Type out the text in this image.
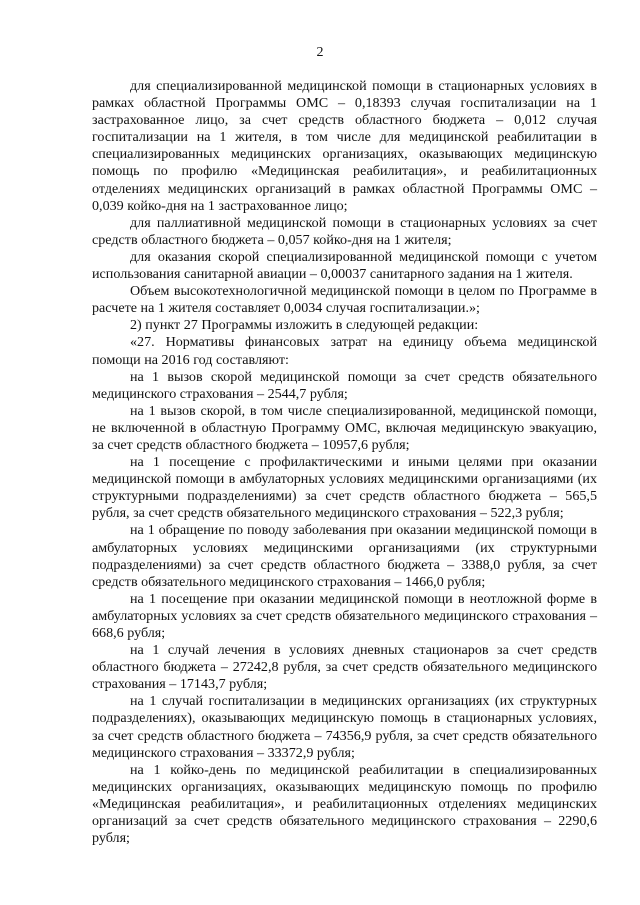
2

для специализированной медицинской помощи в стационарных условиях в рамках областной Программы ОМС – 0,18393 случая госпитализации на 1 застрахованное лицо, за счет средств областного бюджета – 0,012 случая госпитализации на 1 жителя, в том числе для медицинской реабилитации в специализированных медицинских организациях, оказывающих медицинскую помощь по профилю «Медицинская реабилитация», и реабилитационных отделениях медицинских организаций в рамках областной Программы ОМС – 0,039 койко-дня на 1 застрахованное лицо;

для паллиативной медицинской помощи в стационарных условиях за счет средств областного бюджета – 0,057 койко-дня на 1 жителя;

для оказания скорой специализированной медицинской помощи с учетом использования санитарной авиации – 0,00037 санитарного задания на 1 жителя.

Объем высокотехнологичной медицинской помощи в целом по Программе в расчете на 1 жителя составляет 0,0034 случая госпитализации.»;

2) пункт 27 Программы изложить в следующей редакции:

«27. Нормативы финансовых затрат на единицу объема медицинской помощи на 2016 год составляют:

на 1 вызов скорой медицинской помощи за счет средств обязательного медицинского страхования – 2544,7 рубля;

на 1 вызов скорой, в том числе специализированной, медицинской помощи, не включенной в областную Программу ОМС, включая медицинскую эвакуацию, за счет средств областного бюджета – 10957,6 рубля;

на 1 посещение с профилактическими и иными целями при оказании медицинской помощи в амбулаторных условиях медицинскими организациями (их структурными подразделениями) за счет средств областного бюджета – 565,5 рубля, за счет средств обязательного медицинского страхования – 522,3 рубля;

на 1 обращение по поводу заболевания при оказании медицинской помощи в амбулаторных условиях медицинскими организациями (их структурными подразделениями) за счет средств областного бюджета – 3388,0 рубля, за счет средств обязательного медицинского страхования – 1466,0 рубля;

на 1 посещение при оказании медицинской помощи в неотложной форме в амбулаторных условиях за счет средств обязательного медицинского страхования – 668,6 рубля;

на 1 случай лечения в условиях дневных стационаров за счет средств областного бюджета – 27242,8 рубля, за счет средств обязательного медицинского страхования – 17143,7 рубля;

на 1 случай госпитализации в медицинских организациях (их структурных подразделениях), оказывающих медицинскую помощь в стационарных условиях, за счет средств областного бюджета – 74356,9 рубля, за счет средств обязательного медицинского страхования – 33372,9 рубля;

на 1 койко-день по медицинской реабилитации в специализированных медицинских организациях, оказывающих медицинскую помощь по профилю «Медицинская реабилитация», и реабилитационных отделениях медицинских организаций за счет средств обязательного медицинского страхования – 2290,6 рубля;
